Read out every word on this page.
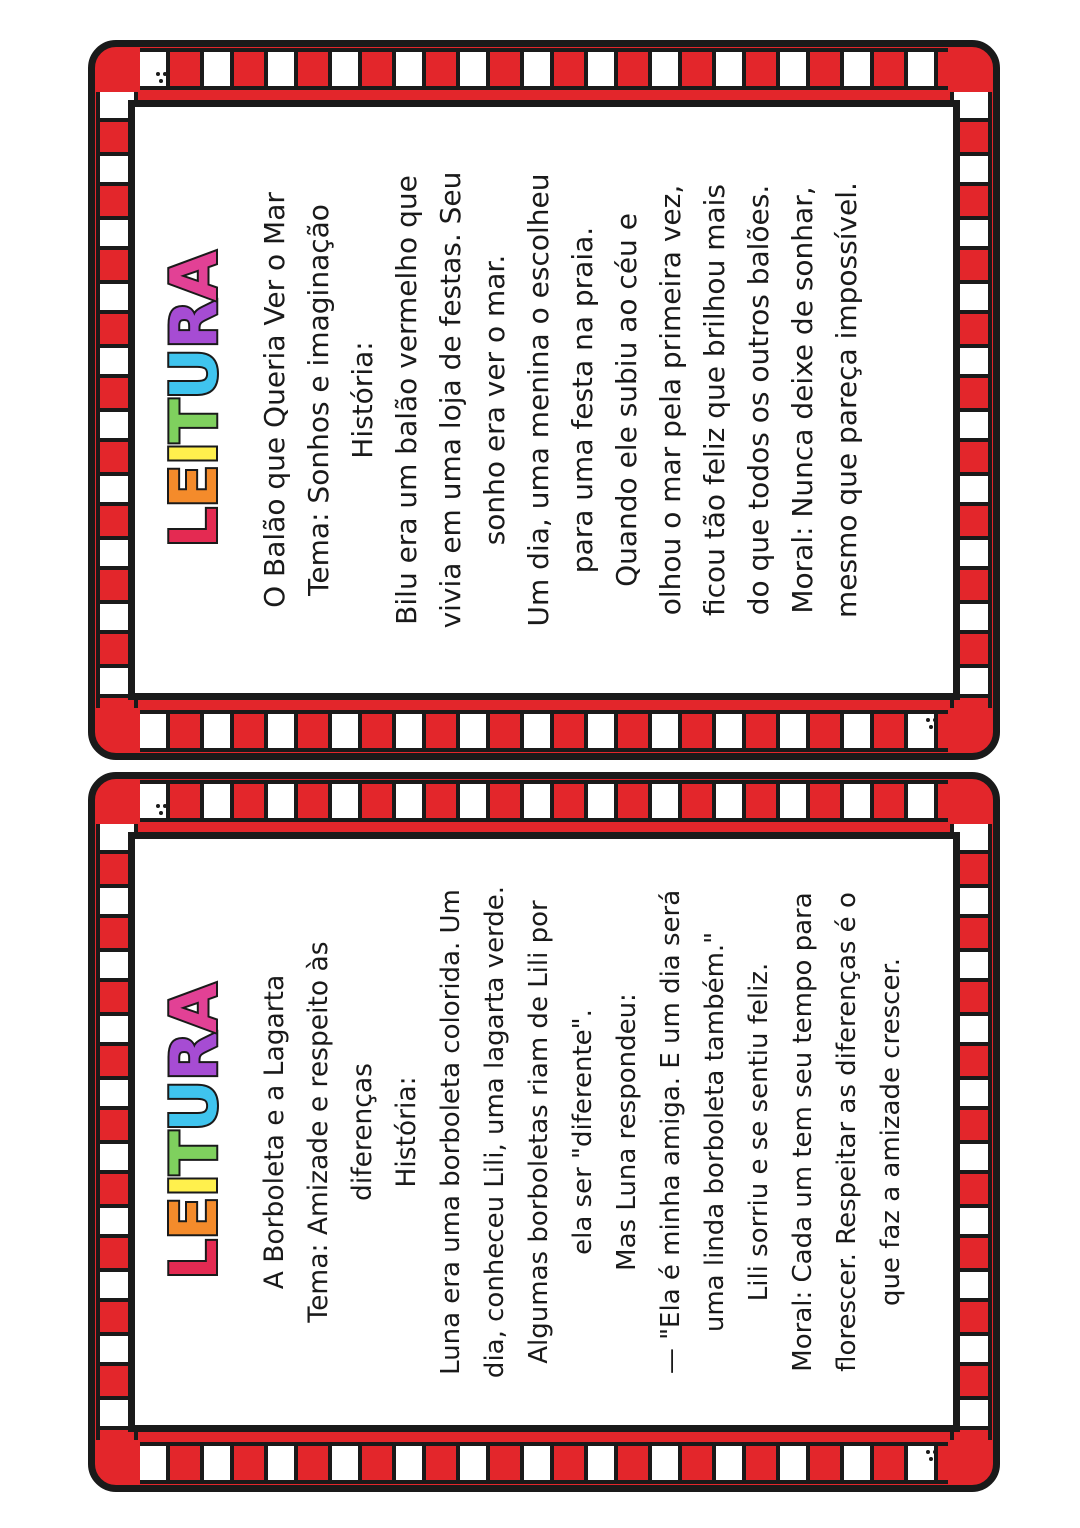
LEITURA O Balão que Queria Ver o Mar Tema: Sonhos e imaginação História: Bilu era um balão vermelho que vivia em uma loja de festas. Seu sonho era ver o mar. Um dia, uma menina o escolheu para uma festa na praia. Quando ele subiu ao céu e olhou o mar pela primeira vez, ficou tão feliz que brilhou mais do que todos os outros balões. Moral: Nunca deixe de sonhar, mesmo que pareça impossível.
LEITURA A Borboleta e a Lagarta Tema: Amizade e respeito às diferenças História: Luna era uma borboleta colorida. Um dia, conheceu Lili, uma lagarta verde. Algumas borboletas riam de Lili por ela ser "diferente". Mas Luna respondeu: — "Ela é minha amiga. E um dia será uma linda borboleta também." Lili sorriu e se sentiu feliz. Moral: Cada um tem seu tempo para florescer. Respeitar as diferenças é o que faz a amizade crescer.
